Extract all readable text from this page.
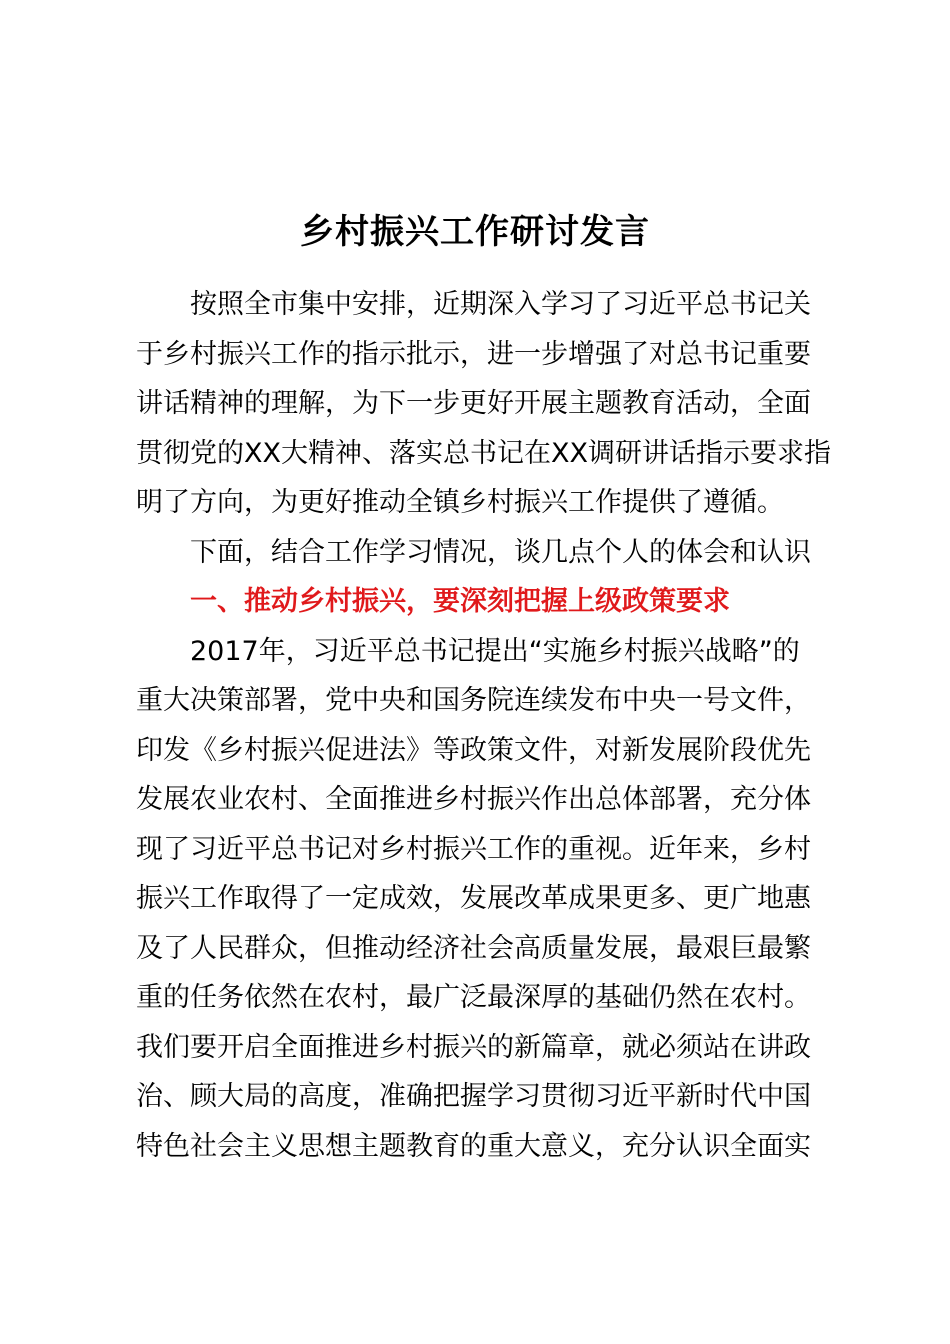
乡村振兴工作研讨发言
按照全市集中安排，近期深入学习了习近平总书记关
于乡村振兴工作的指示批示，进一步增强了对总书记重要
讲话精神的理解，为下一步更好开展主题教育活动，全面
贯彻党的XX大精神、落实总书记在XX调研讲话指示要求指
明了方向，为更好推动全镇乡村振兴工作提供了遵循。
下面，结合工作学习情况，谈几点个人的体会和认识
一、推动乡村振兴，要深刻把握上级政策要求
2017年，习近平总书记提出“实施乡村振兴战略”的
重大决策部署，党中央和国务院连续发布中央一号文件，
印发《乡村振兴促进法》等政策文件，对新发展阶段优先
发展农业农村、全面推进乡村振兴作出总体部署，充分体
现了习近平总书记对乡村振兴工作的重视。近年来，乡村
振兴工作取得了一定成效，发展改革成果更多、更广地惠
及了人民群众，但推动经济社会高质量发展，最艰巨最繁
重的任务依然在农村，最广泛最深厚的基础仍然在农村。
我们要开启全面推进乡村振兴的新篇章，就必须站在讲政
治、顾大局的高度，准确把握学习贯彻习近平新时代中国
特色社会主义思想主题教育的重大意义，充分认识全面实
